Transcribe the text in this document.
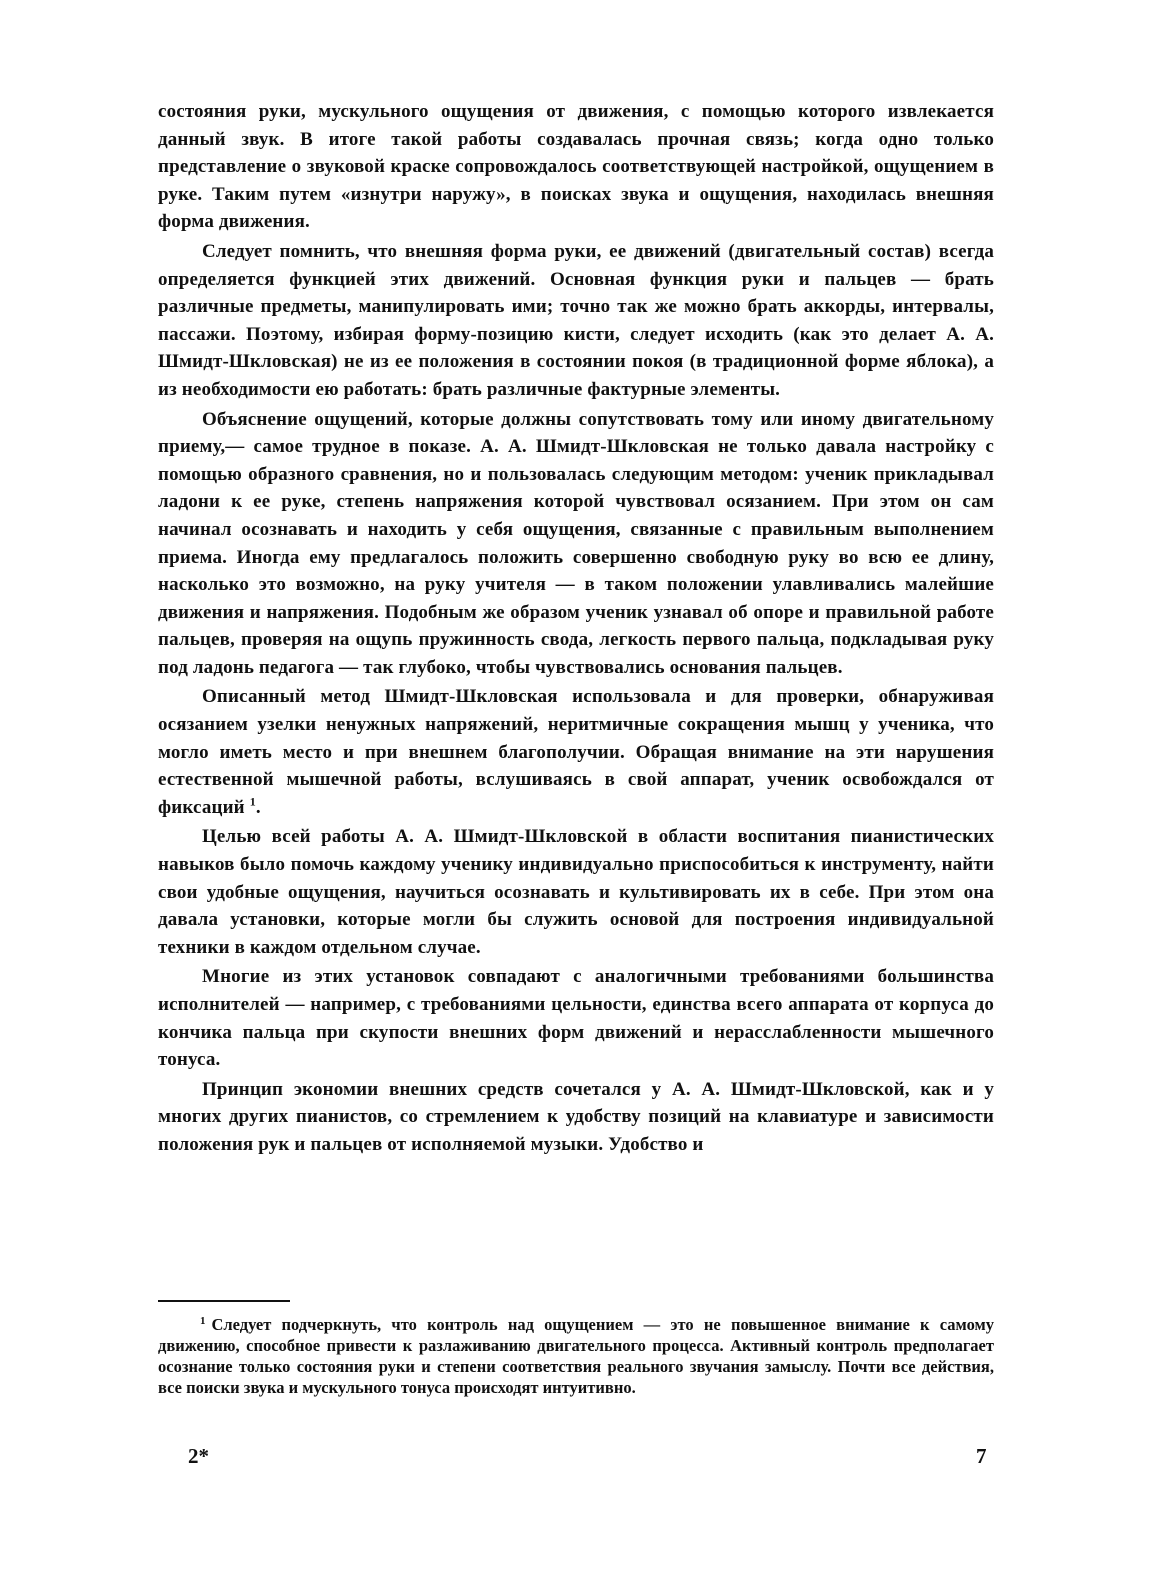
состояния руки, мускульного ощущения от движения, с помощью которого извлекается данный звук. В итоге такой работы создавалась прочная связь; когда одно только представление о звуковой краске сопровождалось соответствующей настройкой, ощущением в руке. Таким путем «изнутри наружу», в поисках звука и ощущения, находилась внешняя форма движения.

Следует помнить, что внешняя форма руки, ее движений (двигательный состав) всегда определяется функцией этих движений. Основная функция руки и пальцев — брать различные предметы, манипулировать ими; точно так же можно брать аккорды, интервалы, пассажи. Поэтому, избирая форму-позицию кисти, следует исходить (как это делает А. А. Шмидт-Шкловская) не из ее положения в состоянии покоя (в традиционной форме яблока), а из необходимости ею работать: брать различные фактурные элементы.

Объяснение ощущений, которые должны сопутствовать тому или иному двигательному приему,— самое трудное в показе. А. А. Шмидт-Шкловская не только давала настройку с помощью образного сравнения, но и пользовалась следующим методом: ученик прикладывал ладони к ее руке, степень напряжения которой чувствовал осязанием. При этом он сам начинал осознавать и находить у себя ощущения, связанные с правильным выполнением приема. Иногда ему предлагалось положить совершенно свободную руку во всю ее длину, насколько это возможно, на руку учителя — в таком положении улавливались малейшие движения и напряжения. Подобным же образом ученик узнавал об опоре и правильной работе пальцев, проверяя на ощупь пружинность свода, легкость первого пальца, подкладывая руку под ладонь педагога — так глубоко, чтобы чувствовались основания пальцев.

Описанный метод Шмидт-Шкловская использовала и для проверки, обнаруживая осязанием узелки ненужных напряжений, неритмичные сокращения мышц у ученика, что могло иметь место и при внешнем благополучии. Обращая внимание на эти нарушения естественной мышечной работы, вслушиваясь в свой аппарат, ученик освобождался от фиксаций $^1$.

Целью всей работы А. А. Шмидт-Шкловской в области воспитания пианистических навыков было помочь каждому ученику индивидуально приспособиться к инструменту, найти свои удобные ощущения, научиться осознавать и культивировать их в себе. При этом она давала установки, которые могли бы служить основой для построения индивидуальной техники в каждом отдельном случае.

Многие из этих установок совпадают с аналогичными требованиями большинства исполнителей — например, с требованиями цельности, единства всего аппарата от корпуса до кончика пальца при скупости внешних форм движений и нерасслабленности мышечного тонуса.

Принцип экономии внешних средств сочетался у А. А. Шмидт-Шкловской, как и у многих других пианистов, со стремлением к удобству позиций на клавиатуре и зависимости положения рук и пальцев от исполняемой музыки. Удобство и

$^1$ Следует подчеркнуть, что контроль над ощущением — это не повышенное внимание к самому движению, способное привести к разлаживанию двигательного процесса. Активный контроль предполагает осознание только состояния руки и степени соответствия реального звучания замыслу. Почти все действия, все поиски звука и мускульного тонуса происходят интуитивно.

2*	7
